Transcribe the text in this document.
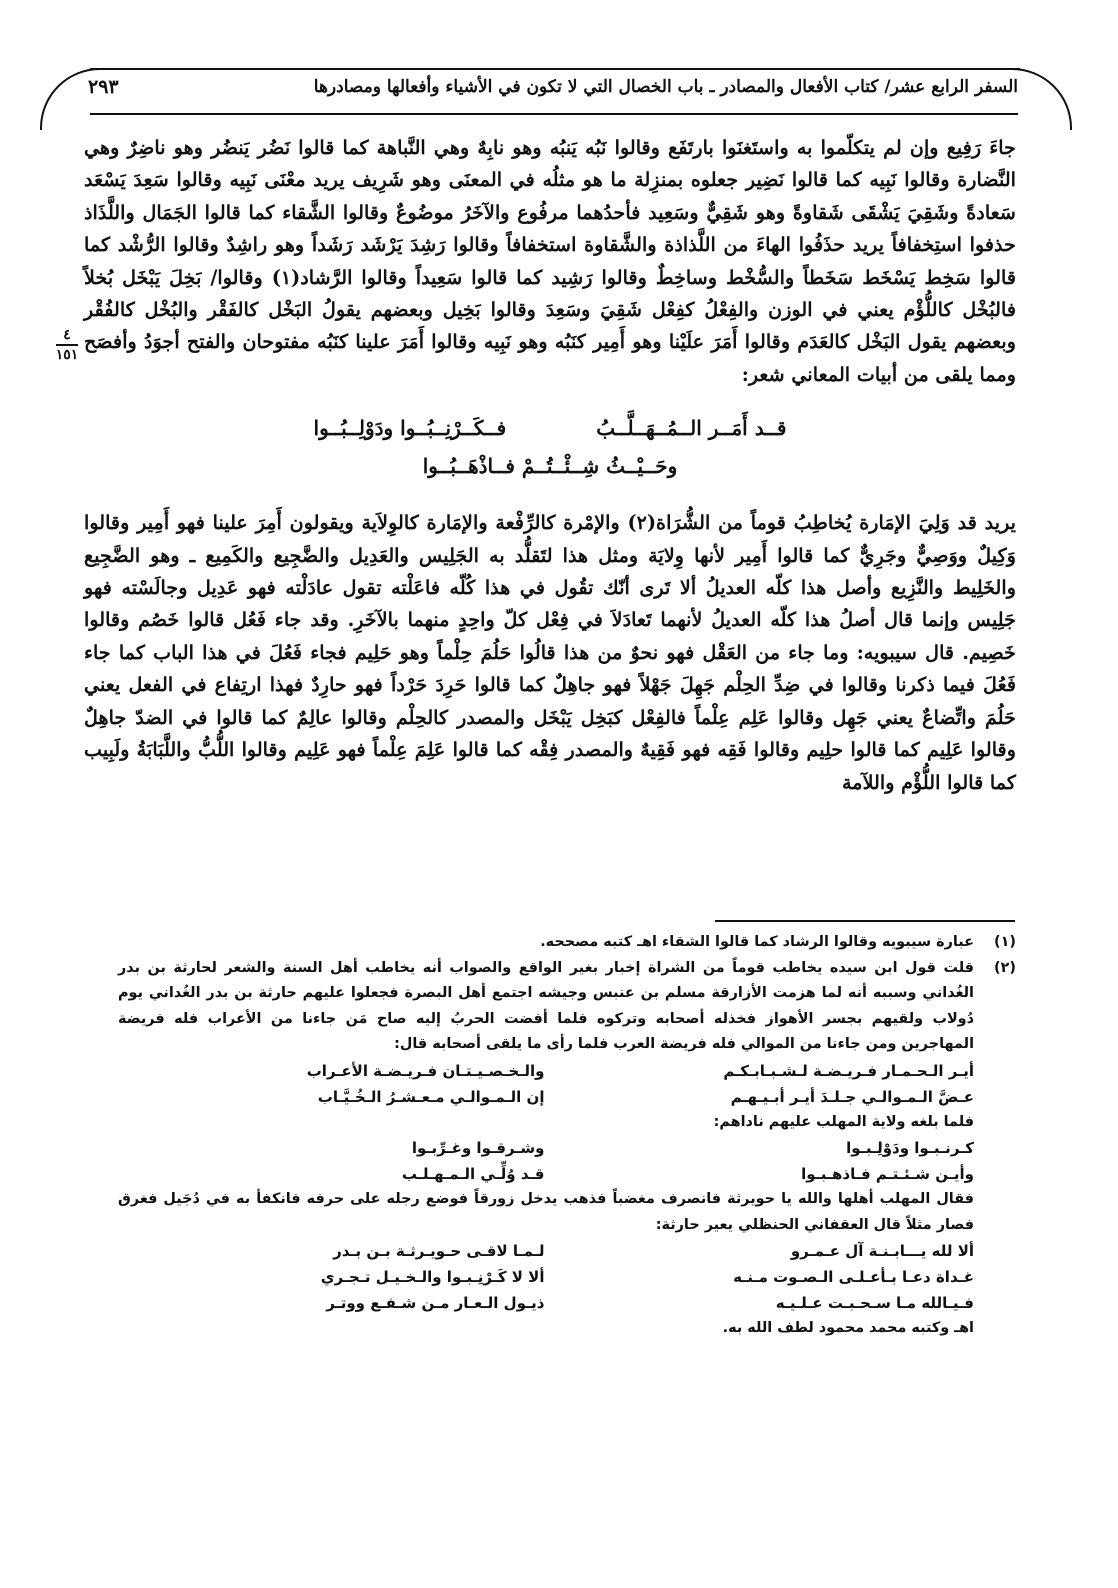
٢٩٣	السفر الرابع عشر/ كتاب الأفعال والمصادر ـ باب الخصال التي لا تكون في الأشياء وأفعالها ومصادرها
٤
١٥١

جاءَ رَفِيع وإن لم يتكلّموا به واستَغنَوا بارتَفَع وقالوا نَبُه يَنبُه وهو نابِهٌ وهي النَّباهة كما قالوا نَضُر يَنضُر وهو ناضِرٌ وهي النَّضارة وقالوا نَبِيه كما قالوا نَضِير جعلوه بمنزِلة ما هو مثلُه في المعنَى وهو شَرِيف يريد معْنَى نَبِيه وقالوا سَعِدَ يَسْعَد سَعادةً وشَقِيَ يَشْقَى شَقاوةً وهو شَقِيٌّ وسَعِيد فأحدُهما مرفُوع والآخَرُ موضُوعٌ وقالوا الشَّقاء كما قالوا الجَمَال واللَّذَاذ حذفوا استِخفافاً يريد حذَفُوا الهاءَ من اللَّذاذة والشَّقاوة استخفافاً وقالوا رَشِدَ يَرْشَد رَشَداً وهو راشِدٌ وقالوا الرُّشْد كما قالوا سَخِط يَسْخَط سَخَطاً والسُّخْط وساخِطٌ وقالوا رَشِيد كما قالوا سَعِيداً وقالوا الرَّشاد(١) وقالوا/ بَخِلَ يَبْخَل بُخلاً فالبُخْل كاللُّؤْم يعني في الوزن والفِعْلُ كفِعْل شَقِيَ وسَعِدَ وقالوا بَخِيل وبعضهم يقولُ البَخْل كالفَقْر والبُخْل كالفُقْر وبعضهم يقول البَخْل كالعَدَم وقالوا أَمَرَ علَيْنا وهو أَمِير كنَبُه وهو نَبِيه وقالوا أَمَرَ علينا كنَبُه مفتوحان والفتح أجوَدُ وأفصَح ومما يلقى من أبيات المعاني شعر:

قــد أَمَــر الــمُــهَــلَّــبُ
فــكَــرْنِــبُــوا ودَوْلِــبُــوا
وحَــيْــثُ شِــئْــتُــمْ فــاذْهَــبُــوا

يريد قد وَلِيَ الإمَارة يُخاطِبُ قوماً من الشُّرَاة(٢) والإمْرة كالرِّفْعة والإمَارة كالوِلاَية ويقولون أَمِرَ علينا فهو أَمِير وقالوا وَكِيلٌ ووَصِيٌّ وجَرِيٌّ كما قالوا أَمِير لأنها وِلايَة ومثل هذا لتَقلُّد به الجَلِيس والعَدِيل والضَّجِيع والكَمِيع ـ وهو الضَّجِيع والخَلِيط والنَّزِيع وأصل هذا كلّه العديلُ ألا تَرى أنّك تقُول في هذا كُلّه فاعَلْته تقول عادَلْته فهو عَدِيل وجالَسْته فهو جَلِيس وإنما قال أصلُ هذا كلّه العديلُ لأنهما تَعادَلاَ في فِعْل كلّ واحِدٍ منهما بالآخَرِ. وقد جاء فَعُل قالوا خَصُم وقالوا خَصِيم. قال سيبويه: وما جاء من العَقْل فهو نحوٌ من هذا قالُوا حَلُمَ حِلْماً وهو حَلِيم فجاء فَعُلَ في هذا الباب كما جاء فَعُلَ فيما ذكرنا وقالوا في ضِدِّ الحِلْم جَهِلَ جَهْلاً فهو جاهِلٌ كما قالوا حَرِدَ حَرْداً فهو حارِدٌ فهذا ارتِفاع في الفعل يعني حَلُمَ واتِّضاعٌ يعني جَهِل وقالوا عَلِم عِلْماً فالفِعْل كبَخِل يَبْخَل والمصدر كالحِلْم وقالوا عالِمٌ كما قالوا في الضدّ جاهِلٌ وقالوا عَلِيم كما قالوا حلِيم وقالوا فَقِه فهو فَقِيهٌ والمصدر فِقْه كما قالوا عَلِمَ عِلْماً فهو عَلِيم وقالوا اللُّبُّ واللَّبَابَةُ ولَبِيب كما قالوا اللُّؤْم واللآمة

(١)

عبارة سيبويه وقالوا الرشاد كما قالوا الشقاء اهـ كتبه مصححه.

(٢)

قلت قول ابن سيده يخاطب قوماً من الشراة إخبار بغير الواقع والصواب أنه يخاطب أهل السنة والشعر لحارثة بن بدر الغُداني وسببه أنه لما هزمت الأزارقة مسلم بن عنبس وجيشه اجتمع أهل البصرة فجعلوا عليهم حارثة بن بدر الغُداني يوم دُولاب ولقيهم بجسر الأهواز فخذله أصحابه وتركوه فلما أفضت الحربُ إليه صاح مَن جاءنا من الأعراب فله فريضة المهاجرين ومن جاءنا من الموالي فله فريضة العرب فلما رأى ما يلقى أصحابه قال:

أيـر الـحـمـار فـريـضـة لـشـبـابـكـم
والـخـصـيـتـان فـريـضـة الأعـراب
عـضَّ الـمـوالـي جـلـدَ أيـر أبـيـهـم
إن الـمـوالـي مـعـشـرُ الـخُـيَّـاب

فلما بلغه ولاية المهلب عليهم ناداهم:

كـرنـبـوا ودَوْلِـبـوا
وشـرقـوا وغـرِّبـوا
وأيـن شـئـتـم فـاذهـبـوا
قـد وُلِّـي الـمـهـلـب

فقال المهلب أهلها والله يا حويرثة فانصرف مغضباً فذهب يدخل زورقاً فوضع رجله على حرفه فانكفأ به في دُجَيل فغرق فصار مثلاً قال العقفاني الحنظلي يعير حارثة:

ألا لله يـــابـنـة آل عـمـرو
لـمـا لاقـى حـويـرثـة بـن بـدر
غـداة دعـا بـأعـلـى الـصـوت مـنـه
ألا لا كَـرْنِـبـوا والـخـيـل تـجـري
فـيـالله مـا سـحـبـت عـلـيـه
ذيـول الـعـار مـن شـفـع ووتـر

اهـ وكتبه محمد محمود لطف الله به.
